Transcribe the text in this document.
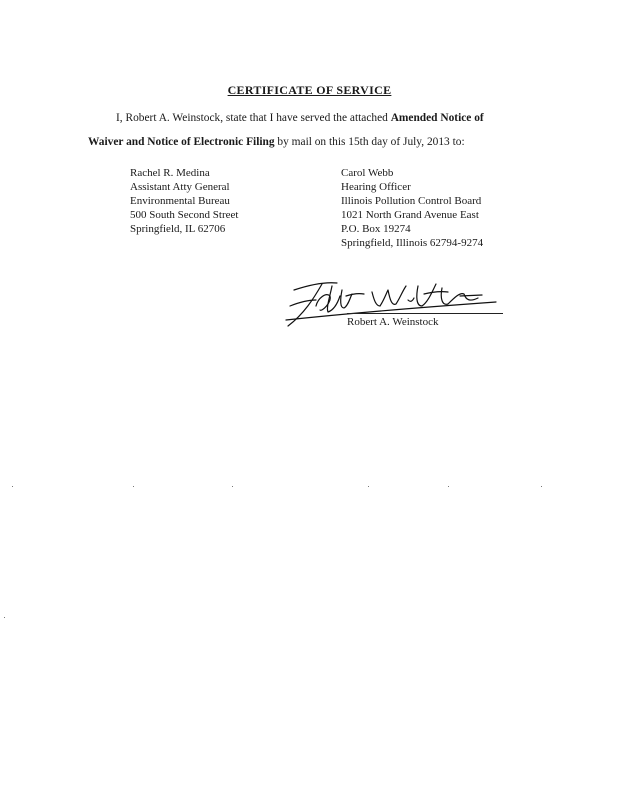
CERTIFICATE OF SERVICE
I, Robert A. Weinstock, state that I have served the attached Amended Notice of
Waiver and Notice of Electronic Filing by mail on this 15th day of July, 2013 to:
Rachel R. Medina
Assistant Atty General
Environmental Bureau
500 South Second Street
Springfield, IL 62706
Carol Webb
Hearing Officer
Illinois Pollution Control Board
1021 North Grand Avenue East
P.O. Box 19274
Springfield, Illinois 62794-9274
Robert A. Weinstock
